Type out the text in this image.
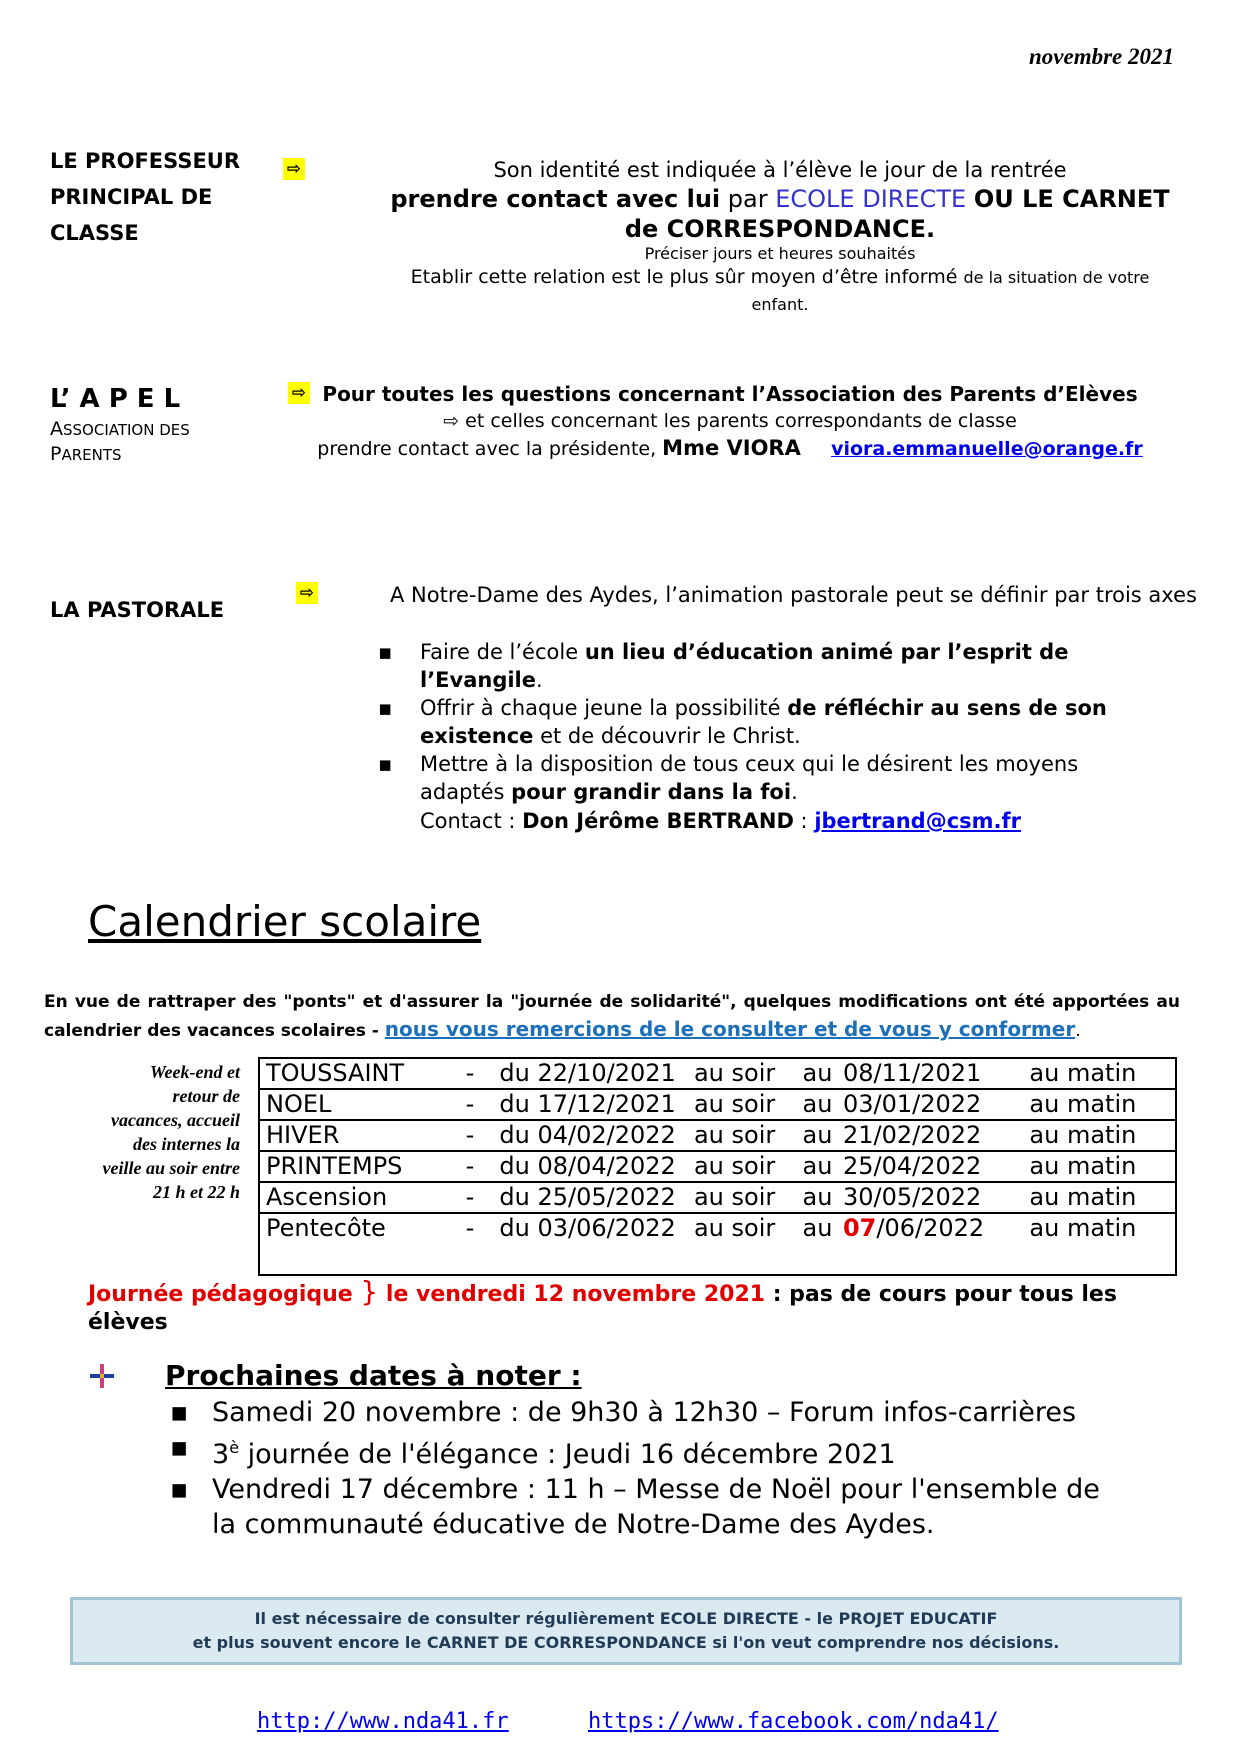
novembre 2021
LE PROFESSEUR
PRINCIPAL DE
CLASSE
⇨	Son identité est indiquée à l’élève le jour de la rentrée
prendre contact avec lui par ECOLE DIRECTE OU LE CARNET
de CORRESPONDANCE.
Préciser jours et heures souhaités
Etablir cette relation est le plus sûr moyen d’être informé de la situation de votre enfant.
L’ A P E L
ASSOCIATION DES
PARENTS
⇨ Pour toutes les questions concernant l’Association des Parents d’Elèves
⇨ et celles concernant les parents correspondants de classe
prendre contact avec la présidente, Mme VIORA viora.emmanuelle@orange.fr
LA PASTORALE
⇨	A Notre-Dame des Aydes, l’animation pastorale peut se définir par trois axes
▪ Faire de l’école un lieu d’éducation animé par l’esprit de l’Evangile.
▪ Offrir à chaque jeune la possibilité de réfléchir au sens de son existence et de découvrir le Christ.
▪ Mettre à la disposition de tous ceux qui le désirent les moyens adaptés pour grandir dans la foi.
Contact : Don Jérôme BERTRAND : jbertrand@csm.fr
Calendrier scolaire
En vue de rattraper des "ponts" et d'assurer la "journée de solidarité", quelques modifications ont été apportées au calendrier des vacances scolaires - nous vous remercions de le consulter et de vous y conformer.
Week-end et retour de vacances, accueil des internes la veille au soir entre 21 h et 22 h
TOUSSAINT	-	du 22/10/2021	au soir	au	08/11/2021	au matin
NOEL	-	du 17/12/2021	au soir	au	03/01/2022	au matin
HIVER	-	du 04/02/2022	au soir	au	21/02/2022	au matin
PRINTEMPS	-	du 08/04/2022	au soir	au	25/04/2022	au matin
Ascension	-	du 25/05/2022	au soir	au	30/05/2022	au matin
Pentecôte	-	du 03/06/2022	au soir	au	07/06/2022	au matin
Journée pédagogique } le vendredi 12 novembre 2021 : pas de cours pour tous les élèves
Prochaines dates à noter :
▪ Samedi 20 novembre : de 9h30 à 12h30 – Forum infos-carrières
▪ $3^è$ journée de l'élégance : Jeudi 16 décembre 2021
▪ Vendredi 17 décembre : 11 h – Messe de Noël pour l'ensemble de la communauté éducative de Notre-Dame des Aydes.
Il est nécessaire de consulter régulièrement ECOLE DIRECTE - le PROJET EDUCATIF
et plus souvent encore le CARNET DE CORRESPONDANCE si l'on veut comprendre nos décisions.
http://www.nda41.fr	https://www.facebook.com/nda41/
